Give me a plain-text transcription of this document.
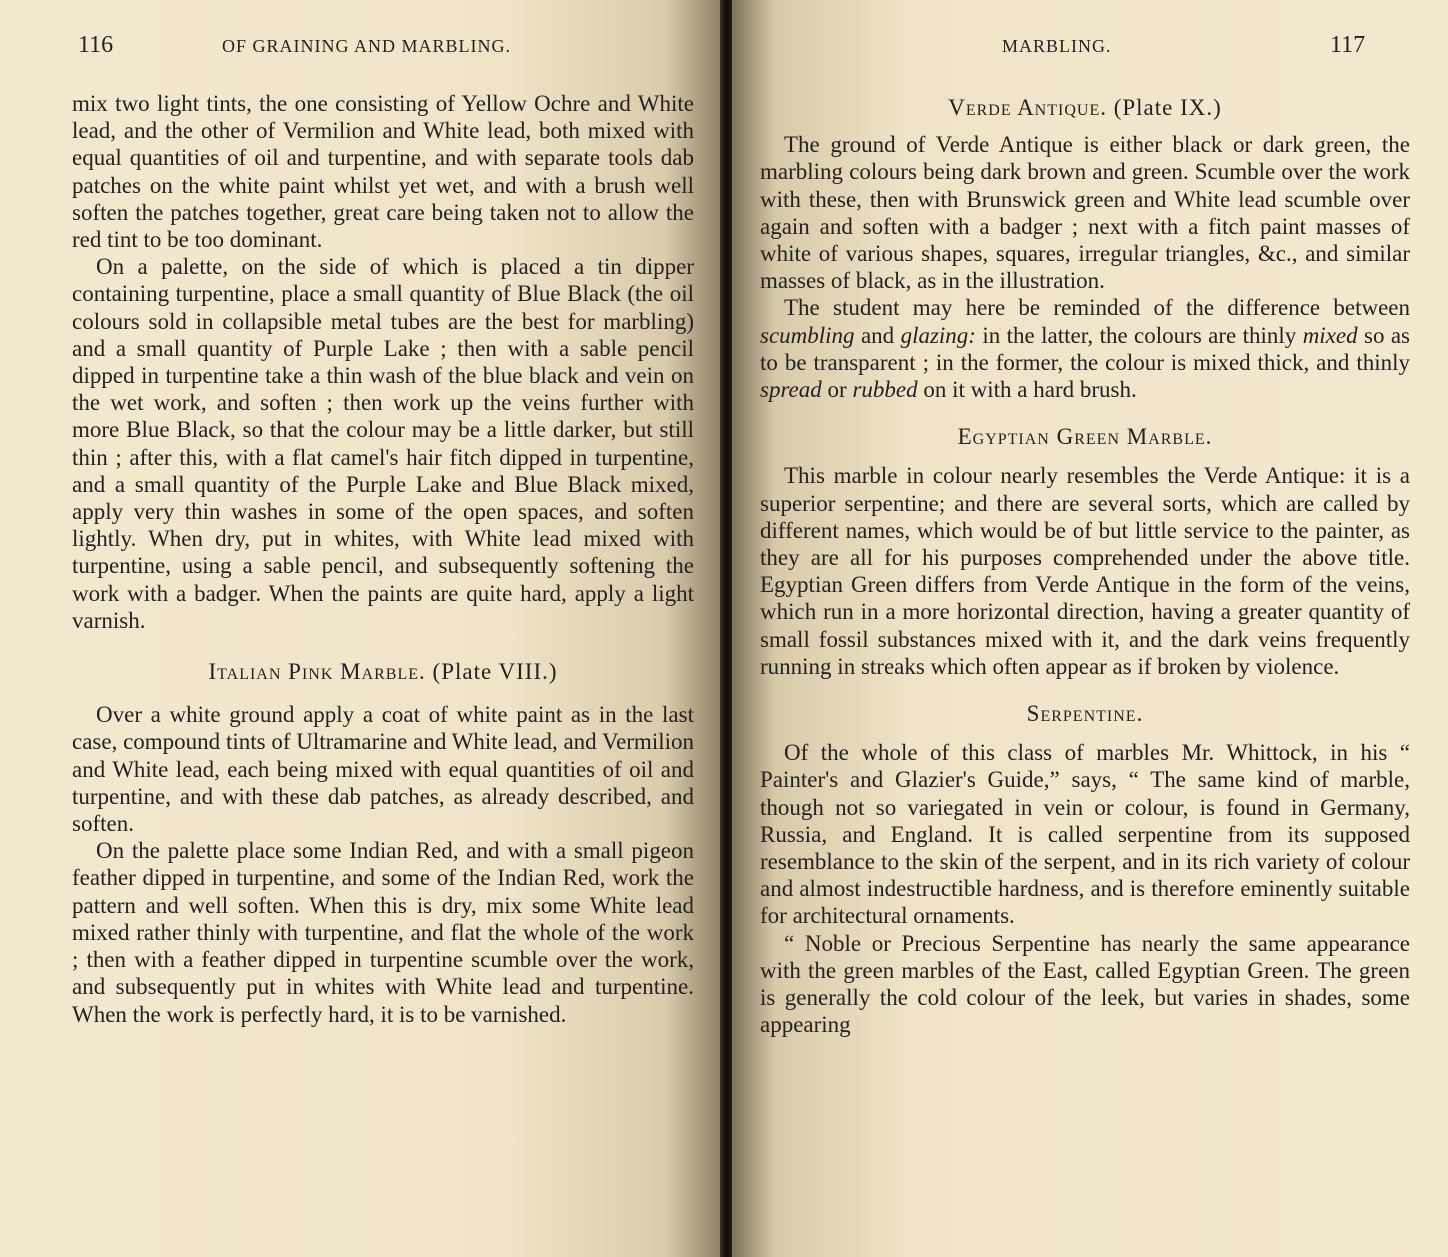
116	OF GRAINING AND MARBLING.

mix two light tints, the one consisting of Yellow Ochre and White lead, and the other of Vermilion and White lead, both mixed with equal quantities of oil and turpentine, and with separate tools dab patches on the white paint whilst yet wet, and with a brush well soften the patches together, great care being taken not to allow the red tint to be too dominant.

On a palette, on the side of which is placed a tin dipper containing turpentine, place a small quantity of Blue Black (the oil colours sold in collapsible metal tubes are the best for marbling) and a small quantity of Purple Lake ; then with a sable pencil dipped in turpentine take a thin wash of the blue black and vein on the wet work, and soften ; then work up the veins further with more Blue Black, so that the colour may be a little darker, but still thin ; after this, with a flat camel's hair fitch dipped in turpentine, and a small quantity of the Purple Lake and Blue Black mixed, apply very thin washes in some of the open spaces, and soften lightly. When dry, put in whites, with White lead mixed with turpentine, using a sable pencil, and subsequently softening the work with a badger. When the paints are quite hard, apply a light varnish.

Italian Pink Marble. (Plate VIII.)

Over a white ground apply a coat of white paint as in the last case, compound tints of Ultramarine and White lead, and Vermilion and White lead, each being mixed with equal quantities of oil and turpentine, and with these dab patches, as already described, and soften.

On the palette place some Indian Red, and with a small pigeon feather dipped in turpentine, and some of the Indian Red, work the pattern and well soften. When this is dry, mix some White lead mixed rather thinly with turpentine, and flat the whole of the work ; then with a feather dipped in turpentine scumble over the work, and subsequently put in whites with White lead and turpentine. When the work is perfectly hard, it is to be varnished.

MARBLING.	117

Verde Antique. (Plate IX.)

The ground of Verde Antique is either black or dark green, the marbling colours being dark brown and green. Scumble over the work with these, then with Brunswick green and White lead scumble over again and soften with a badger ; next with a fitch paint masses of white of various shapes, squares, irregular triangles, &c., and similar masses of black, as in the illustration.

The student may here be reminded of the difference between scumbling and glazing: in the latter, the colours are thinly mixed so as to be transparent ; in the former, the colour is mixed thick, and thinly spread or rubbed on it with a hard brush.

Egyptian Green Marble.

This marble in colour nearly resembles the Verde Antique: it is a superior serpentine; and there are several sorts, which are called by different names, which would be of but little service to the painter, as they are all for his purposes comprehended under the above title. Egyptian Green differs from Verde Antique in the form of the veins, which run in a more horizontal direction, having a greater quantity of small fossil substances mixed with it, and the dark veins frequently running in streaks which often appear as if broken by violence.

Serpentine.

Of the whole of this class of marbles Mr. Whittock, in his “ Painter's and Glazier's Guide,” says, “ The same kind of marble, though not so variegated in vein or colour, is found in Germany, Russia, and England. It is called serpentine from its supposed resemblance to the skin of the serpent, and in its rich variety of colour and almost indestructible hardness, and is therefore eminently suitable for architectural ornaments.

“ Noble or Precious Serpentine has nearly the same appearance with the green marbles of the East, called Egyptian Green. The green is generally the cold colour of the leek, but varies in shades, some appearing
